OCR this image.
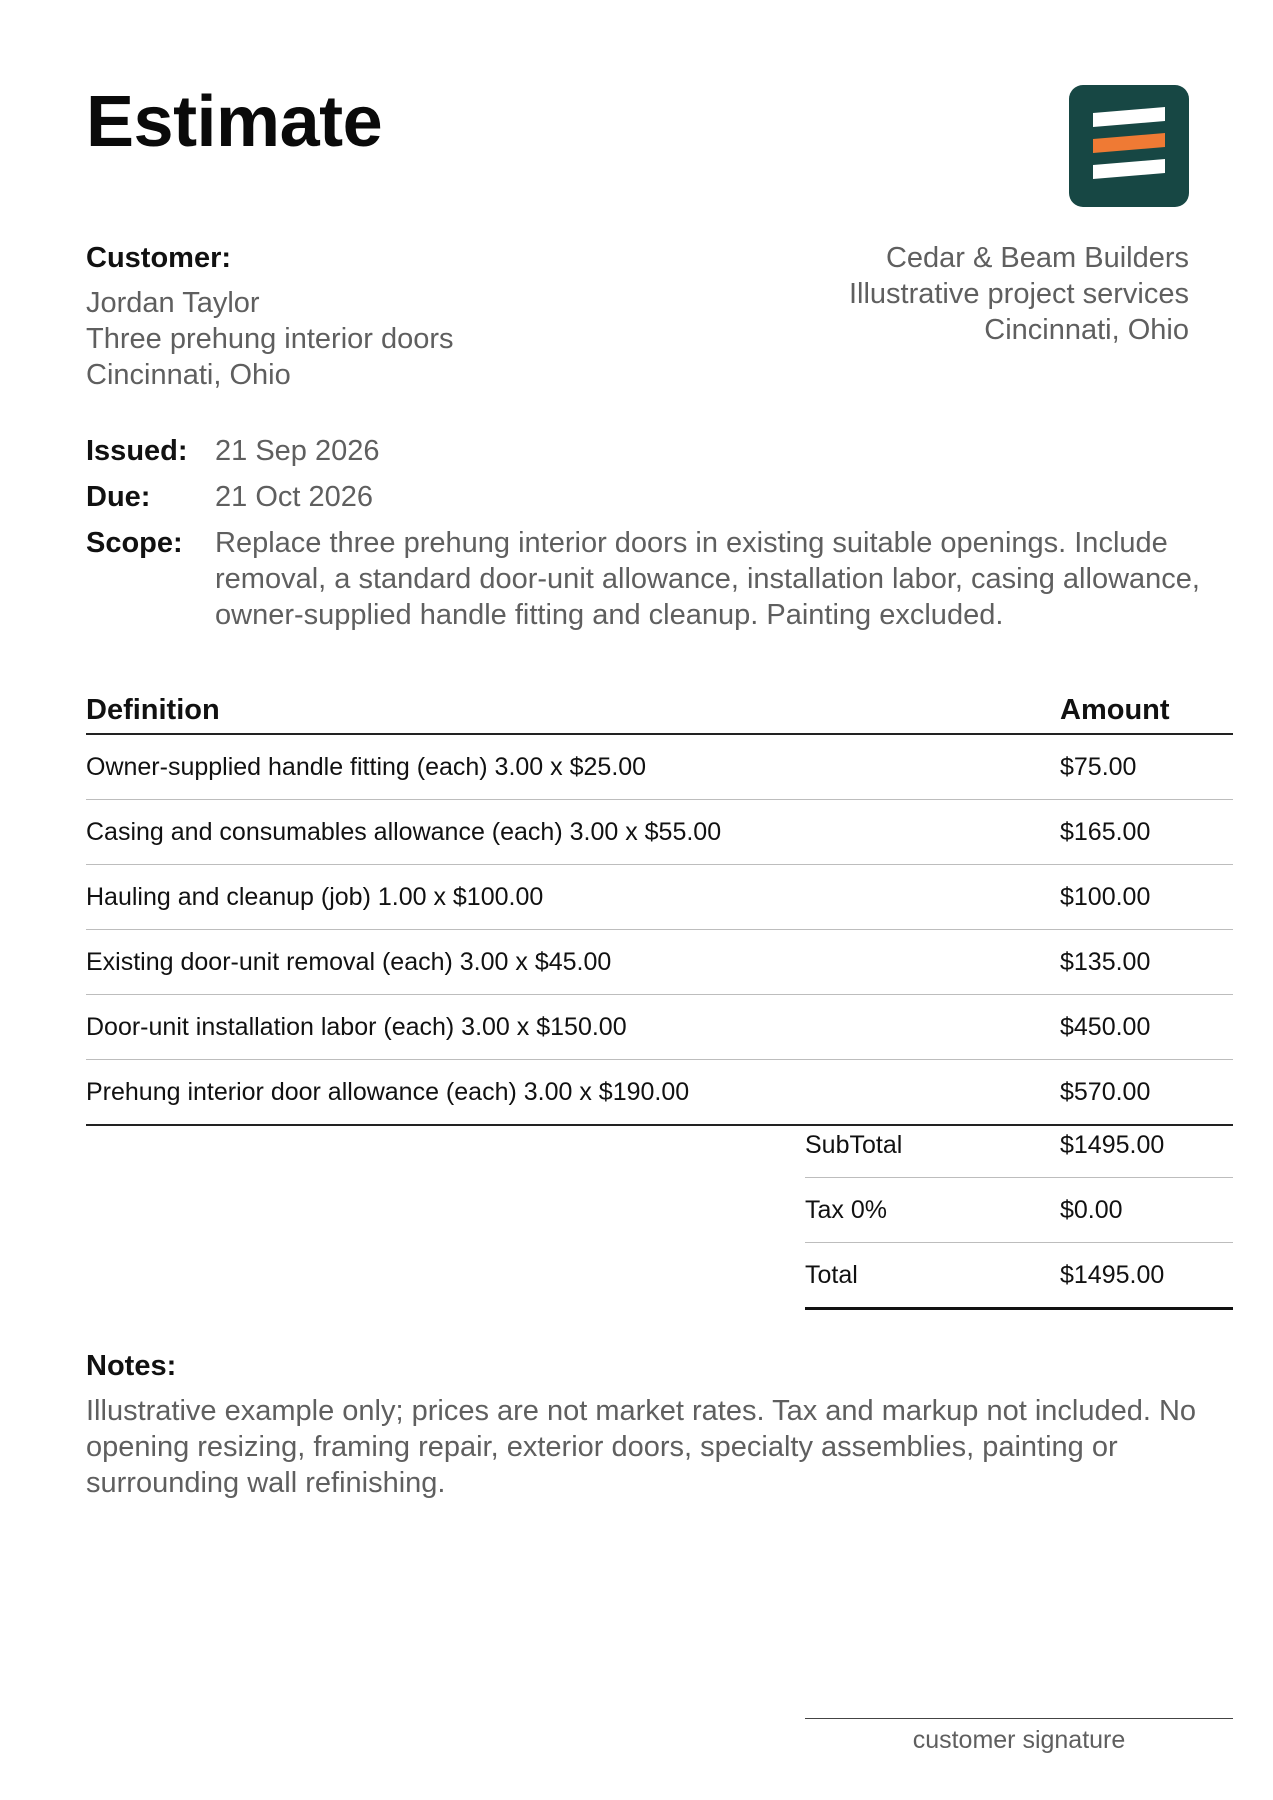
Estimate
Customer:
Jordan Taylor
Three prehung interior doors
Cincinnati, Ohio
Cedar & Beam Builders
Illustrative project services
Cincinnati, Ohio
Issued: 21 Sep 2026
Due:	21 Oct 2026
Scope:	Replace three prehung interior doors in existing suitable openings. Include removal, a standard door-unit allowance, installation labor, casing allowance, owner-supplied handle fitting and cleanup. Painting excluded.
Definition	Amount
Owner-supplied handle fitting (each) 3.00 x $25.00	$75.00
Casing and consumables allowance (each) 3.00 x $55.00	$165.00
Hauling and cleanup (job) 1.00 x $100.00	$100.00
Existing door-unit removal (each) 3.00 x $45.00	$135.00
Door-unit installation labor (each) 3.00 x $150.00	$450.00
Prehung interior door allowance (each) 3.00 x $190.00	$570.00
SubTotal	$1495.00
Tax 0%	$0.00
Total	$1495.00
Notes:
Illustrative example only; prices are not market rates. Tax and markup not included. No opening resizing, framing repair, exterior doors, specialty assemblies, painting or surrounding wall refinishing.
customer signature
